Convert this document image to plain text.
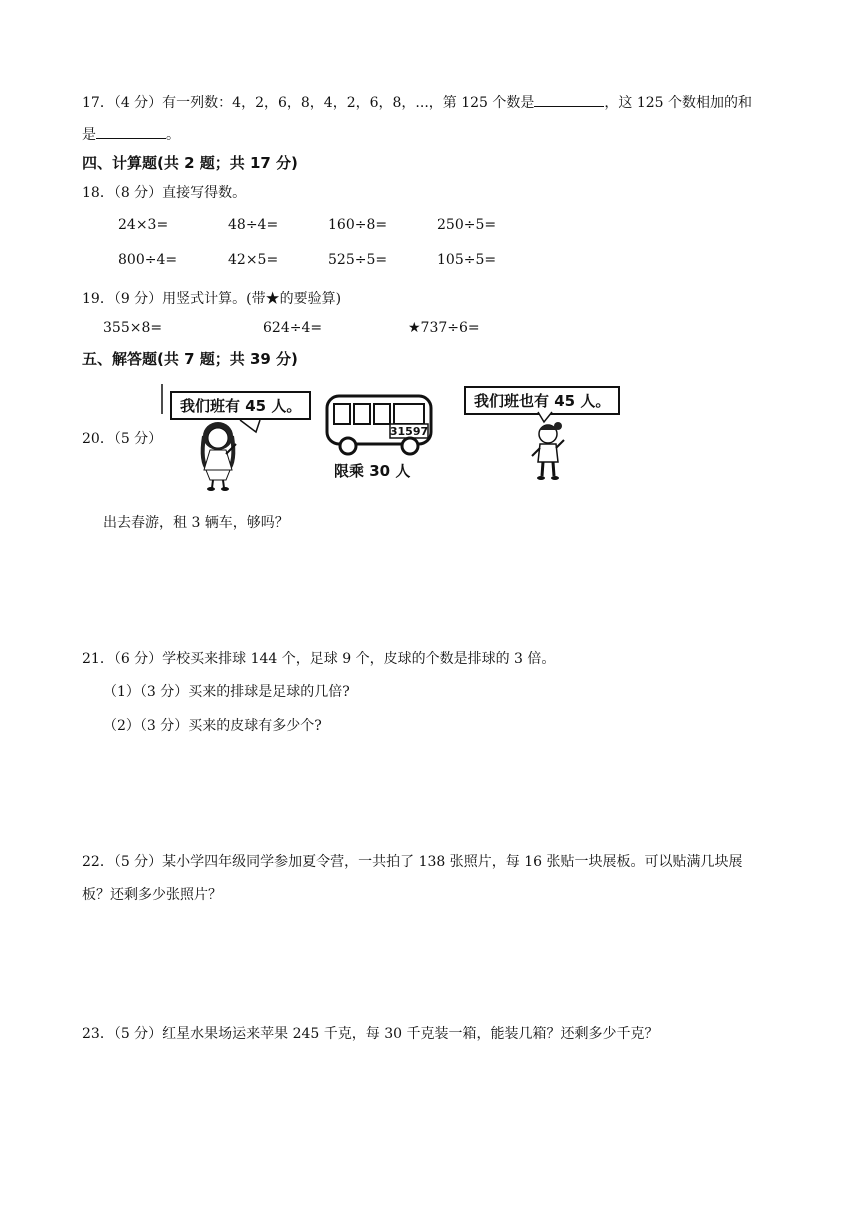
17．（4 分）有一列数：4，2，6，8，4，2，6，8，...，第 125 个数是	，这 125 个数相加的和
是	。
四、计算题(共 2 题；共 17 分)
18．（8 分）直接写得数。
24×3=	48÷4=	160÷8=	250÷5=
800÷4=	42×5=	525÷5=	105÷5=
19．（9 分）用竖式计算。(带★的要验算)
355×8=	624÷4=	★737÷6=
五、解答题(共 7 题；共 39 分)
20．（5 分）
我们班有 45 人。
31597
限乘 30 人
我们班也有 45 人。
出去春游，租 3 辆车，够吗？
21．（6 分）学校买来排球 144 个，足球 9 个，皮球的个数是排球的 3 倍。
（1）（3 分）买来的排球是足球的几倍?
（2）（3 分）买来的皮球有多少个?
22．（5 分）某小学四年级同学参加夏令营，一共拍了 138 张照片，每 16 张贴一块展板。可以贴满几块展
板？还剩多少张照片？
23．（5 分）红星水果场运来苹果 245 千克，每 30 千克装一箱，能装几箱？还剩多少千克？
